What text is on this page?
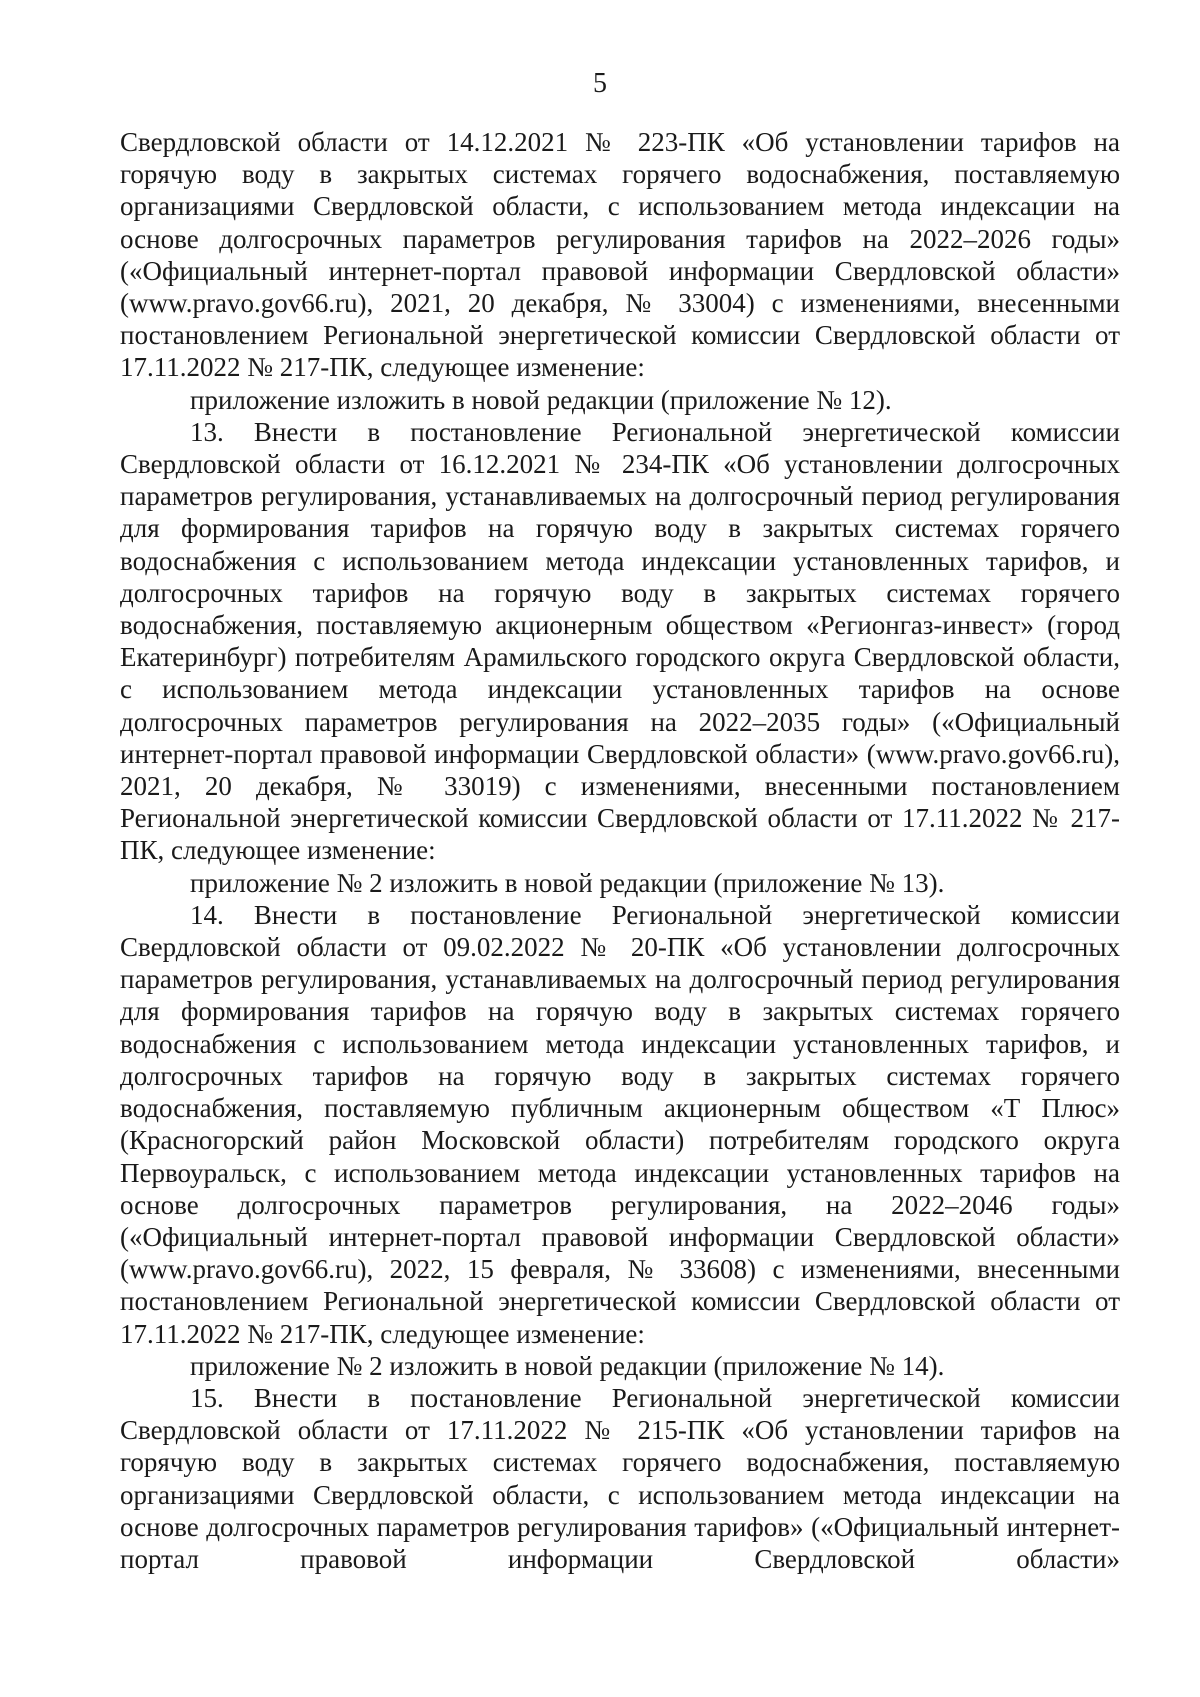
5

Свердловской области от 14.12.2021 № 223-ПК «Об установлении тарифов на горячую воду в закрытых системах горячего водоснабжения, поставляемую организациями Свердловской области, с использованием метода индексации на основе долгосрочных параметров регулирования тарифов на 2022–2026 годы» («Официальный интернет-портал правовой информации Свердловской области» (www.pravo.gov66.ru), 2021, 20 декабря, № 33004) с изменениями, внесенными постановлением Региональной энергетической комиссии Свердловской области от 17.11.2022 № 217-ПК, следующее изменение:

приложение изложить в новой редакции (приложение № 12).

13. Внести в постановление Региональной энергетической комиссии Свердловской области от 16.12.2021 № 234-ПК «Об установлении долгосрочных параметров регулирования, устанавливаемых на долгосрочный период регулирования для формирования тарифов на горячую воду в закрытых системах горячего водоснабжения с использованием метода индексации установленных тарифов, и долгосрочных тарифов на горячую воду в закрытых системах горячего водоснабжения, поставляемую акционерным обществом «Регионгаз-инвест» (город Екатеринбург) потребителям Арамильского городского округа Свердловской области, с использованием метода индексации установленных тарифов на основе долгосрочных параметров регулирования на 2022–2035 годы» («Официальный интернет-портал правовой информации Свердловской области» (www.pravo.gov66.ru), 2021, 20 декабря, № 33019) с изменениями, внесенными постановлением Региональной энергетической комиссии Свердловской области от 17.11.2022 № 217-ПК, следующее изменение:

приложение № 2 изложить в новой редакции (приложение № 13).

14. Внести в постановление Региональной энергетической комиссии Свердловской области от 09.02.2022 № 20-ПК «Об установлении долгосрочных параметров регулирования, устанавливаемых на долгосрочный период регулирования для формирования тарифов на горячую воду в закрытых системах горячего водоснабжения с использованием метода индексации установленных тарифов, и долгосрочных тарифов на горячую воду в закрытых системах горячего водоснабжения, поставляемую публичным акционерным обществом «Т Плюс» (Красногорский район Московской области) потребителям городского округа Первоуральск, с использованием метода индексации установленных тарифов на основе долгосрочных параметров регулирования, на 2022–2046 годы» («Официальный интернет-портал правовой информации Свердловской области» (www.pravo.gov66.ru), 2022, 15 февраля, № 33608) с изменениями, внесенными постановлением Региональной энергетической комиссии Свердловской области от 17.11.2022 № 217-ПК, следующее изменение:

приложение № 2 изложить в новой редакции (приложение № 14).

15. Внести в постановление Региональной энергетической комиссии Свердловской области от 17.11.2022 № 215-ПК «Об установлении тарифов на горячую воду в закрытых системах горячего водоснабжения, поставляемую организациями Свердловской области, с использованием метода индексации на основе долгосрочных параметров регулирования тарифов» («Официальный интернет-портал правовой информации Свердловской области»
